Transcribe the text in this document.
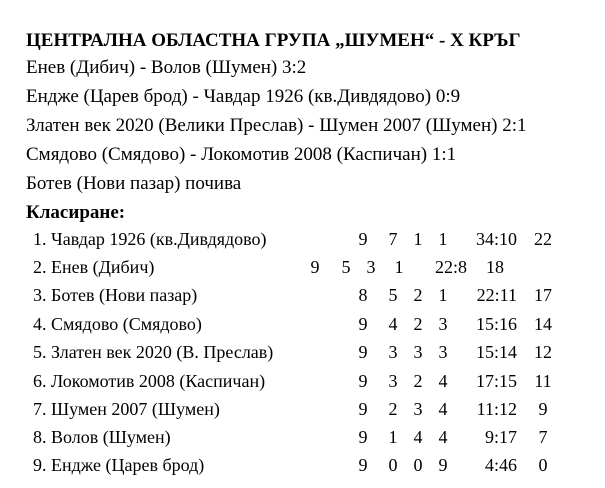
ЦЕНТРАЛНА ОБЛАСТНА ГРУПА „ШУМЕН“ - X КРЪГ
Енев (Дибич) - Волов (Шумен) 3:2
Ендже (Царев брод) - Чавдар 1926 (кв.Дивдядово) 0:9
Златен век 2020 (Велики Преслав) - Шумен 2007 (Шумен) 2:1
Смядово (Смядово) - Локомотив 2008 (Каспичан) 1:1
Ботев (Нови пазар) почива
Класиране:
1. Чавдар 1926 (кв.Дивдядово)	9	7 1 1	34:10 22
2. Енев (Дибич)	9	5 3	1	22:8	18
3. Ботев (Нови пазар)	8	5 2 1	22:11 17
4. Смядово (Смядово)	9	4 2 3	15:16 14
5. Златен век 2020 (В. Преслав)	9	3 3 3	15:14 12
6. Локомотив 2008 (Каспичан)	9	3 2 4	17:15 11
7. Шумен 2007 (Шумен)	9	2 3 4	11:12	9
8. Волов (Шумен)	9	1 4 4	9:17	7
9. Ендже (Царев брод)	9	0 0 9	4:46	0
